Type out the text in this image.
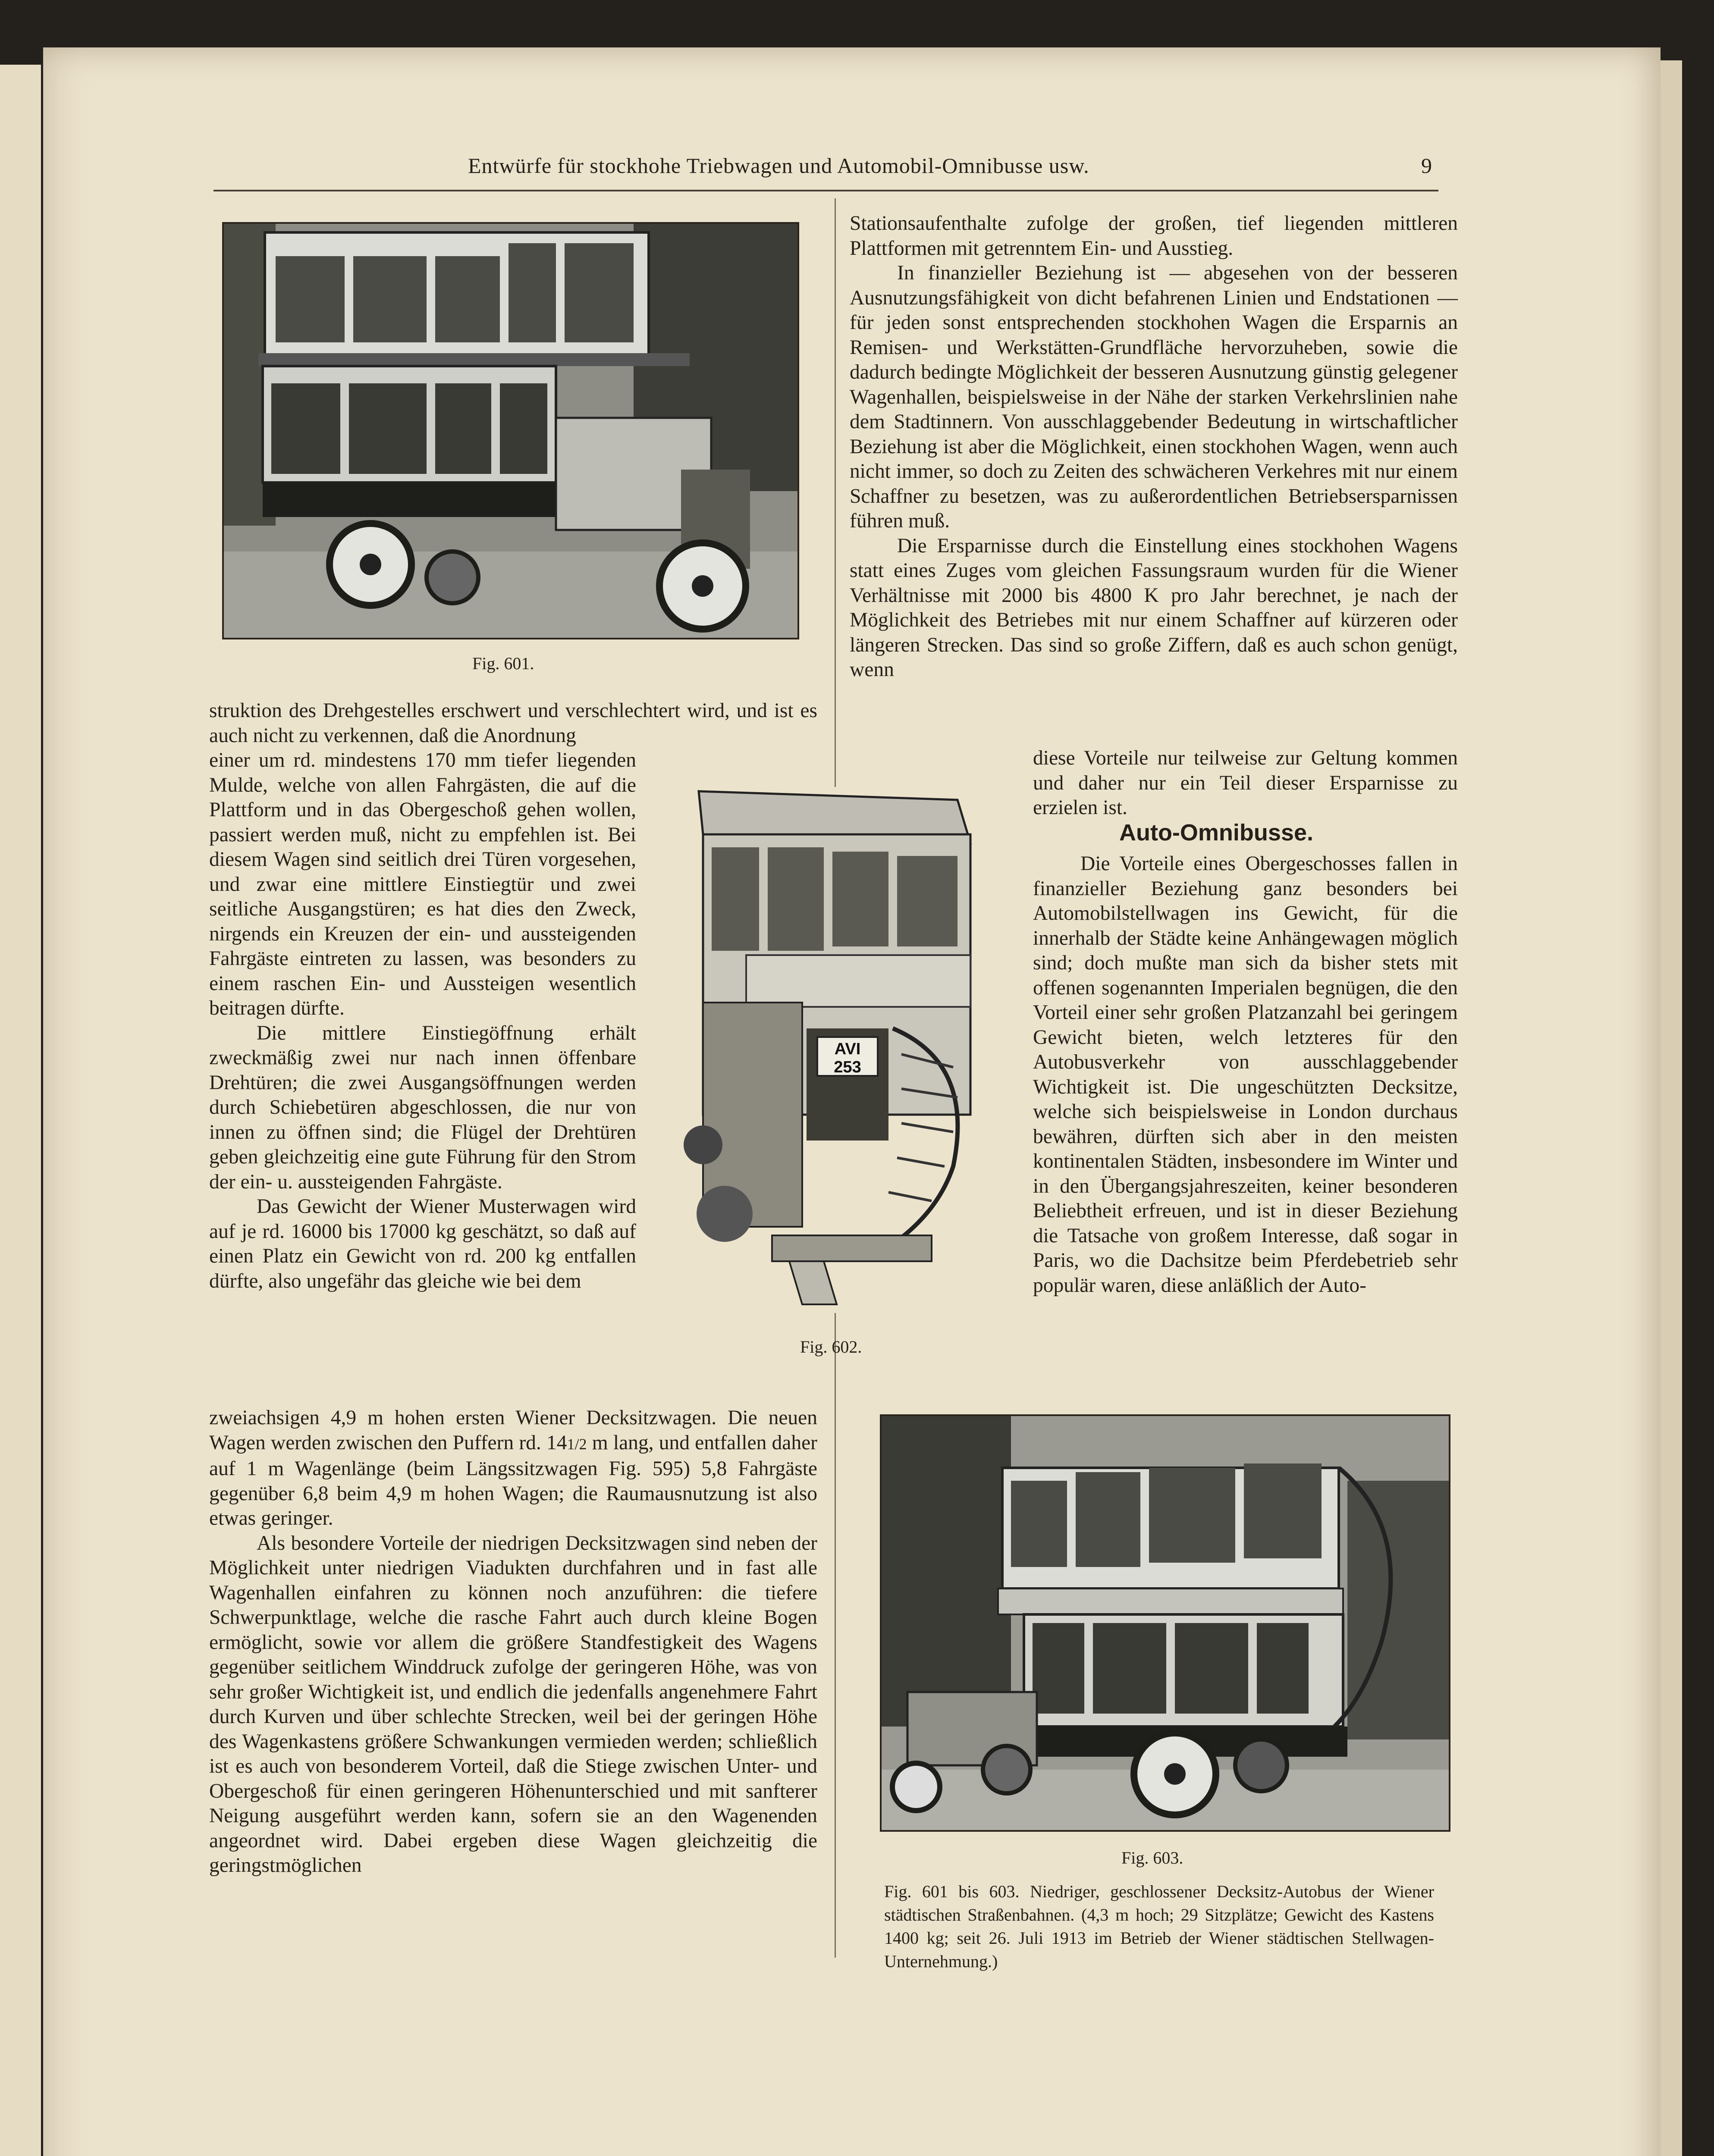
Entwürfe für stockhohe Triebwagen und Automobil-Omnibusse usw.	9
Fig. 601.

struktion des Drehgestelles erschwert und verschlechtert wird, und ist es auch nicht zu verkennen, daß die Anordnung

einer um rd. mindestens 170 mm tiefer liegenden Mulde, welche von allen Fahrgästen, die auf die Plattform und in das Obergeschoß gehen wollen, passiert werden muß, nicht zu empfehlen ist. Bei diesem Wagen sind seitlich drei Türen vorgesehen, und zwar eine mittlere Einstiegtür und zwei seitliche Ausgangstüren; es hat dies den Zweck, nirgends ein Kreuzen der ein- und aussteigenden Fahrgäste eintreten zu lassen, was besonders zu einem raschen Ein- und Aussteigen wesentlich beitragen dürfte.

Die mittlere Einstiegöffnung erhält zweckmäßig zwei nur nach innen öffenbare Drehtüren; die zwei Ausgangsöffnungen werden durch Schiebetüren abgeschlossen, die nur von innen zu öffnen sind; die Flügel der Drehtüren geben gleichzeitig eine gute Führung für den Strom der ein- u. aussteigenden Fahrgäste.

Das Gewicht der Wiener Musterwagen wird auf je rd. 16000 bis 17000 kg geschätzt, so daß auf einen Platz ein Gewicht von rd. 200 kg entfallen dürfte, also ungefähr das gleiche wie bei dem

AVI
253
Fig. 602.

zweiachsigen 4,9 m hohen ersten Wiener Decksitzwagen. Die neuen Wagen werden zwischen den Puffern rd. 141/2 m lang, und entfallen daher auf 1 m Wagenlänge (beim Längssitzwagen Fig. 595) 5,8 Fahrgäste gegenüber 6,8 beim 4,9 m hohen Wagen; die Raumausnutzung ist also etwas geringer.

Als besondere Vorteile der niedrigen Decksitzwagen sind neben der Möglichkeit unter niedrigen Viadukten durchfahren und in fast alle Wagenhallen einfahren zu können noch anzuführen: die tiefere Schwerpunktlage, welche die rasche Fahrt auch durch kleine Bogen ermöglicht, sowie vor allem die größere Standfestigkeit des Wagens gegenüber seitlichem Winddruck zufolge der geringeren Höhe, was von sehr großer Wichtigkeit ist, und endlich die jedenfalls angenehmere Fahrt durch Kurven und über schlechte Strecken, weil bei der geringen Höhe des Wagenkastens größere Schwankungen vermieden werden; schließlich ist es auch von besonderem Vorteil, daß die Stiege zwischen Unter- und Obergeschoß für einen geringeren Höhenunterschied und mit sanfterer Neigung ausgeführt werden kann, sofern sie an den Wagenenden angeordnet wird. Dabei ergeben diese Wagen gleichzeitig die geringstmöglichen

Stationsaufenthalte zufolge der großen, tief liegenden mittleren Plattformen mit getrenntem Ein- und Ausstieg.

In finanzieller Beziehung ist — abgesehen von der besseren Ausnutzungsfähigkeit von dicht befahrenen Linien und Endstationen — für jeden sonst entsprechenden stockhohen Wagen die Ersparnis an Remisen- und Werkstätten-Grundfläche hervorzuheben, sowie die dadurch bedingte Möglichkeit der besseren Ausnutzung günstig gelegener Wagenhallen, beispielsweise in der Nähe der starken Verkehrslinien nahe dem Stadtinnern. Von ausschlaggebender Bedeutung in wirtschaftlicher Beziehung ist aber die Möglichkeit, einen stockhohen Wagen, wenn auch nicht immer, so doch zu Zeiten des schwächeren Verkehres mit nur einem Schaffner zu besetzen, was zu außerordentlichen Betriebsersparnissen führen muß.

Die Ersparnisse durch die Einstellung eines stockhohen Wagens statt eines Zuges vom gleichen Fassungsraum wurden für die Wiener Verhältnisse mit 2000 bis 4800 K pro Jahr berechnet, je nach der Möglichkeit des Betriebes mit nur einem Schaffner auf kürzeren oder längeren Strecken. Das sind so große Ziffern, daß es auch schon genügt, wenn

diese Vorteile nur teilweise zur Geltung kommen und daher nur ein Teil dieser Ersparnisse zu erzielen ist.

Auto-Omnibusse.

Die Vorteile eines Obergeschosses fallen in finanzieller Beziehung ganz besonders bei Automobilstellwagen ins Gewicht, für die innerhalb der Städte keine Anhängewagen möglich sind; doch mußte man sich da bisher stets mit offenen sogenannten Imperialen begnügen, die den Vorteil einer sehr großen Platzanzahl bei geringem Gewicht bieten, welch letzteres für den Autobusverkehr von ausschlaggebender Wichtigkeit ist. Die ungeschützten Decksitze, welche sich beispielsweise in London durchaus bewähren, dürften sich aber in den meisten kontinentalen Städten, insbesondere im Winter und in den Übergangsjahreszeiten, keiner besonderen Beliebtheit erfreuen, und ist in dieser Beziehung die Tatsache von großem Interesse, daß sogar in Paris, wo die Dachsitze beim Pferdebetrieb sehr populär waren, diese anläßlich der Auto-

Fig. 603.
Fig. 601 bis 603. Niedriger, geschlossener Decksitz-Autobus der Wiener städtischen Straßenbahnen. (4,3 m hoch; 29 Sitzplätze; Gewicht des Kastens 1400 kg; seit 26. Juli 1913 im Betrieb der Wiener städtischen Stellwagen-Unternehmung.)
